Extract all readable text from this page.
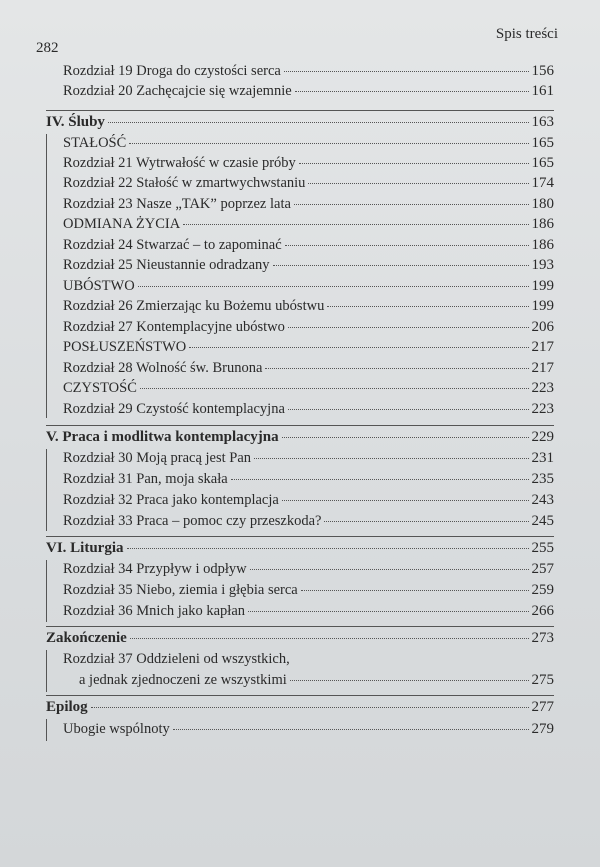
Spis treści
282
Rozdział 19 Droga do czystości serca	156
Rozdział 20 Zachęcajcie się wzajemnie	161
IV. Śluby	163
STAŁOŚĆ	165
Rozdział 21 Wytrwałość w czasie próby	165
Rozdział 22 Stałość w zmartwychwstaniu	174
Rozdział 23 Nasze „TAK” poprzez lata	180
ODMIANA ŻYCIA	186
Rozdział 24 Stwarzać – to zapominać	186
Rozdział 25 Nieustannie odradzany	193
UBÓSTWO	199
Rozdział 26 Zmierzając ku Bożemu ubóstwu	199
Rozdział 27 Kontemplacyjne ubóstwo	206
POSŁUSZEŃSTWO	217
Rozdział 28 Wolność św. Brunona	217
CZYSTOŚĆ	223
Rozdział 29 Czystość kontemplacyjna	223
V. Praca i modlitwa kontemplacyjna	229
Rozdział 30 Moją pracą jest Pan	231
Rozdział 31 Pan, moja skała	235
Rozdział 32 Praca jako kontemplacja	243
Rozdział 33 Praca – pomoc czy przeszkoda?	245
VI. Liturgia	255
Rozdział 34 Przypływ i odpływ	257
Rozdział 35 Niebo, ziemia i głębia serca	259
Rozdział 36 Mnich jako kapłan	266
Zakończenie	273
Rozdział 37 Oddzieleni od wszystkich,
a jednak zjednoczeni ze wszystkimi	275
Epilog	277
Ubogie wspólnoty	279
